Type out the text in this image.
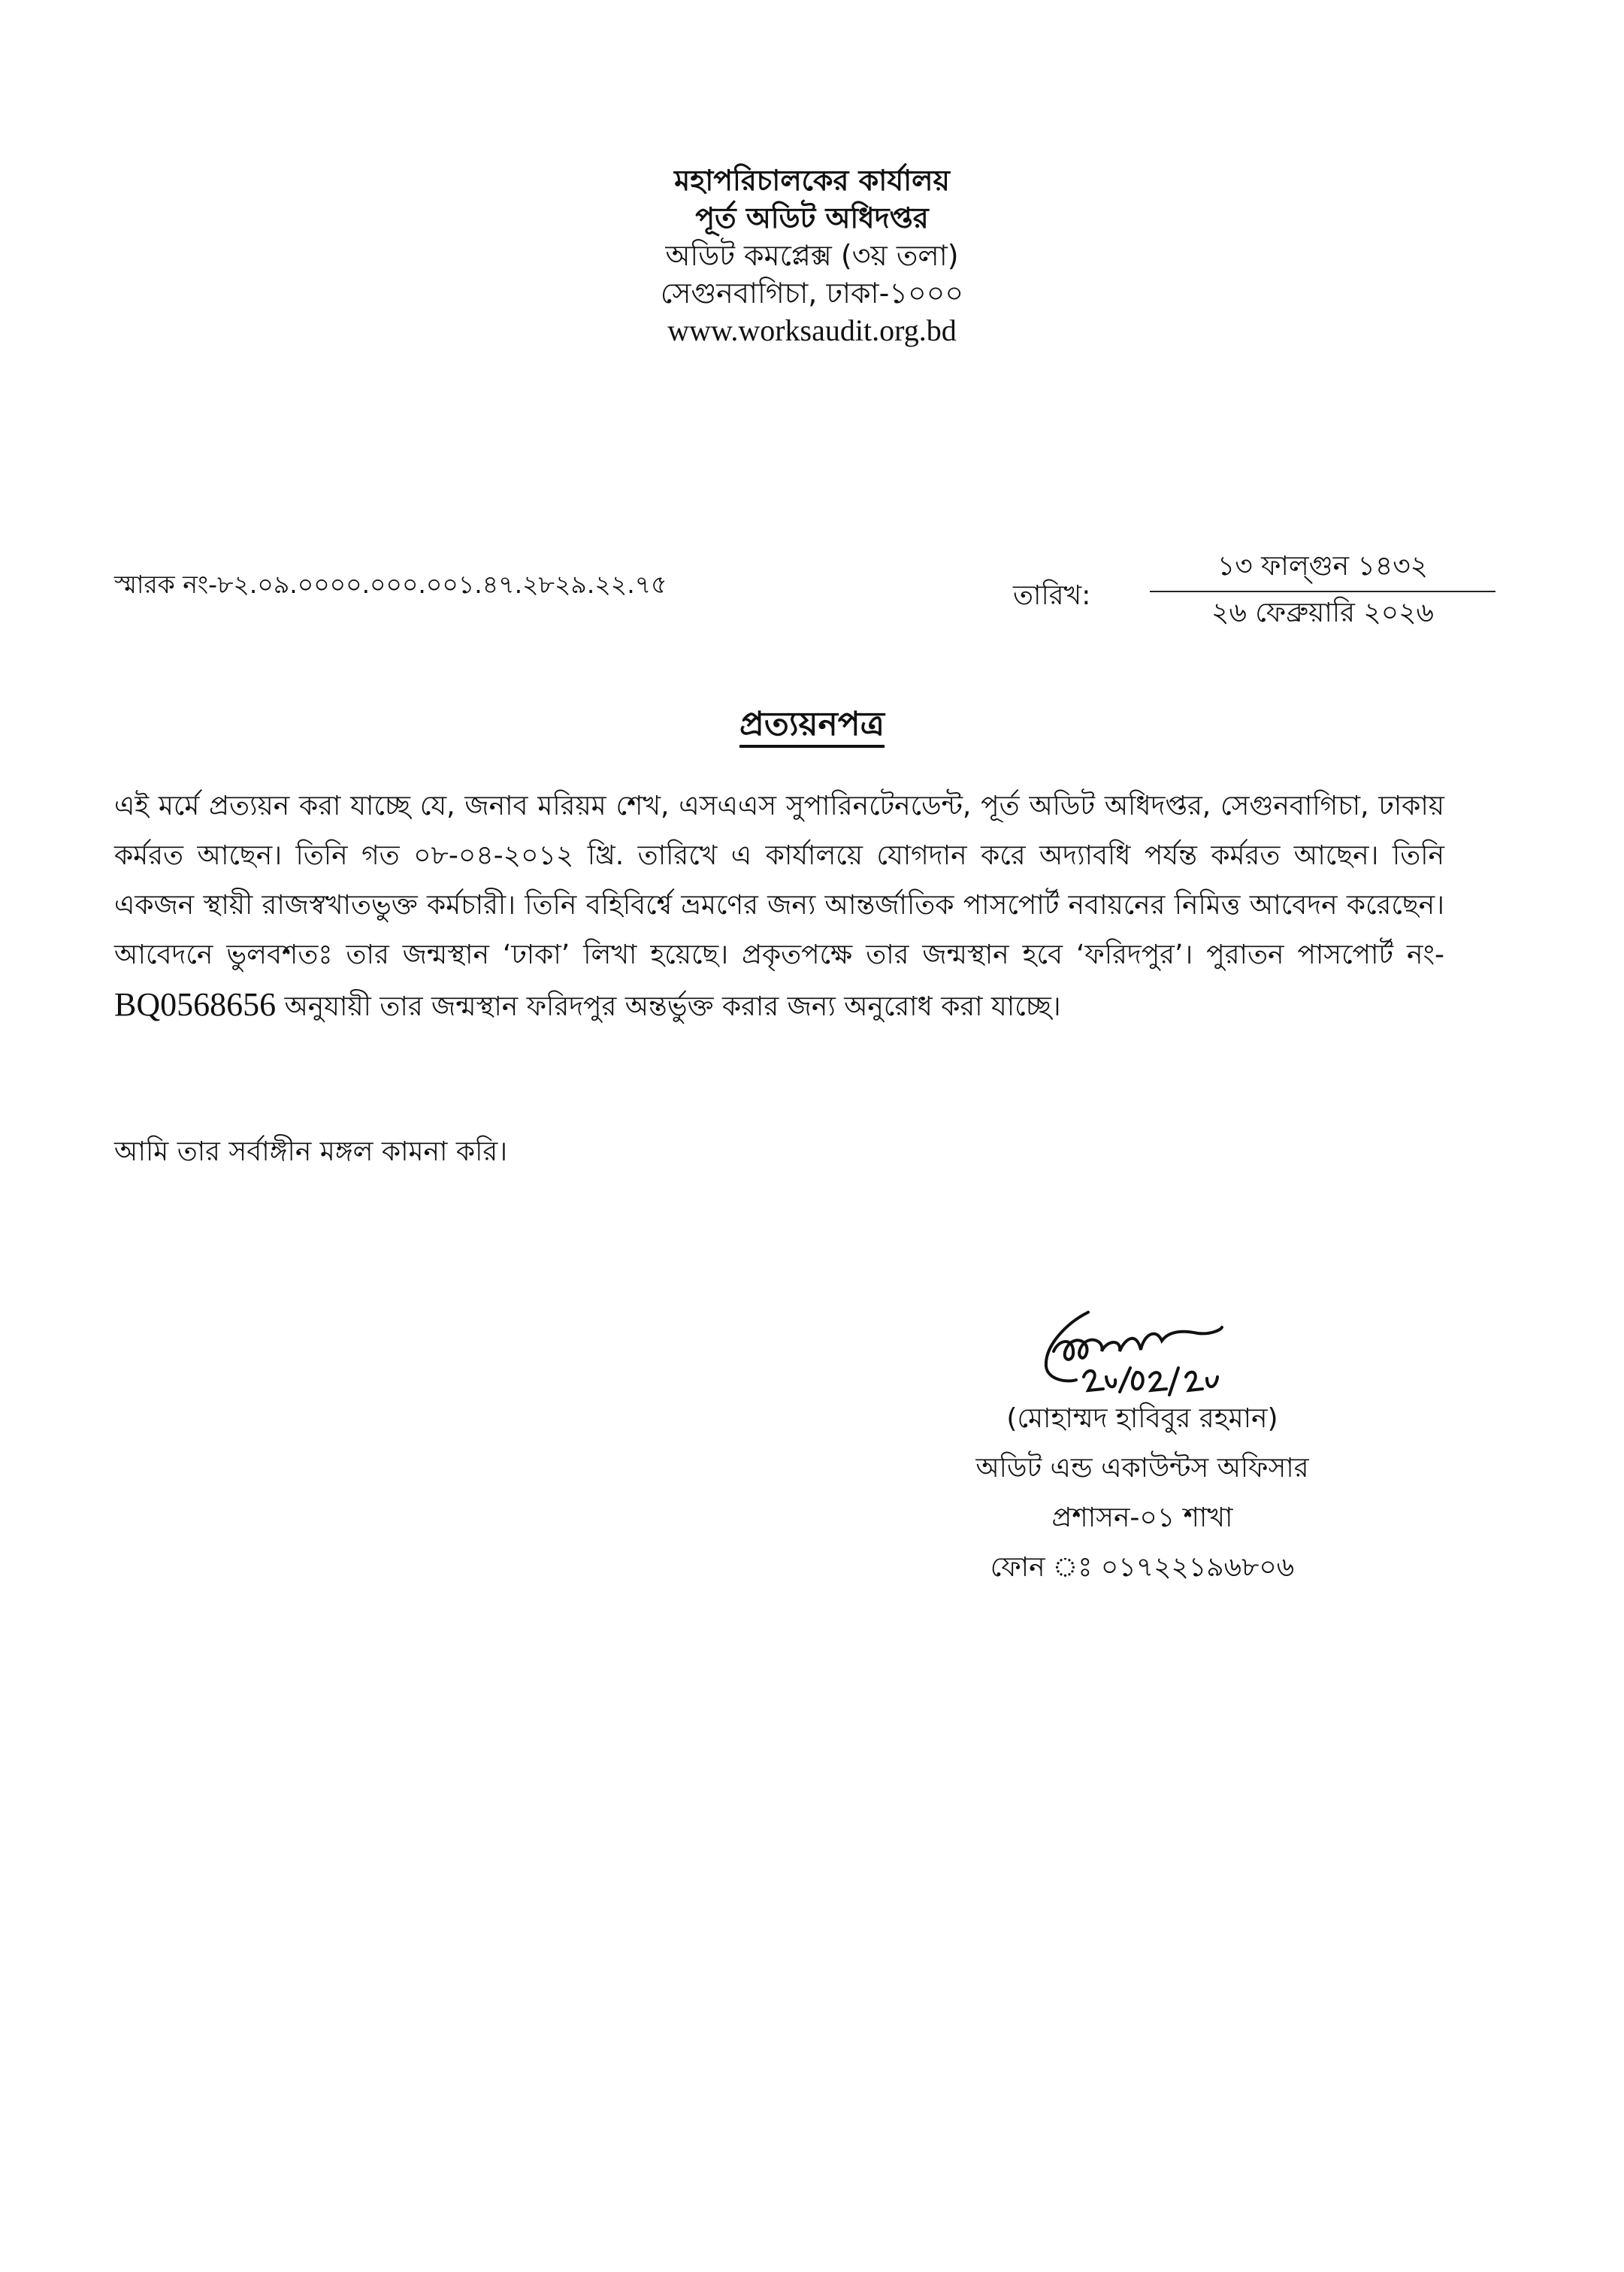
মহাপরিচালকের কার্যালয়
পূর্ত অডিট অধিদপ্তর
অডিট কমপ্লেক্স (৩য় তলা)
সেগুনবাগিচা, ঢাকা-১০০০
www.worksaudit.org.bd
স্মারক নং-৮২.০৯.০০০০.০০০.০০১.৪৭.২৮২৯.২২.৭৫	তারিখ:
১৩ ফাল্গুন ১৪৩২
২৬ ফেব্রুয়ারি ২০২৬
প্রত্যয়নপত্র
এই মর্মে প্রত্যয়ন করা যাচ্ছে যে, জনাব মরিয়ম শেখ, এসএএস সুপারিনটেনডেন্ট, পূর্ত অডিট অধিদপ্তর, সেগুনবাগিচা, ঢাকায় কর্মরত আছেন। তিনি গত ০৮-০৪-২০১২ খ্রি. তারিখে এ কার্যালয়ে যোগদান করে অদ্যাবধি পর্যন্ত কর্মরত আছেন। তিনি একজন স্থায়ী রাজস্বখাতভুক্ত কর্মচারী। তিনি বহিবির্শ্বে ভ্রমণের জন্য আন্তর্জাতিক পাসপোর্ট নবায়নের নিমিত্ত আবেদন করেছেন। আবেদনে ভুলবশতঃ তার জন্মস্থান ‘ঢাকা’ লিখা হয়েছে। প্রকৃতপক্ষে তার জন্মস্থান হবে ‘ফরিদপুর’। পুরাতন পাসপোর্ট নং-BQ0568656 অনুযায়ী তার জন্মস্থান ফরিদপুর অন্তর্ভুক্ত করার জন্য অনুরোধ করা যাচ্ছে।
আমি তার সর্বাঙ্গীন মঙ্গল কামনা করি।
(মোহাম্মদ হাবিবুর রহমান)
অডিট এন্ড একাউন্টস অফিসার
প্রশাসন-০১ শাখা
ফোন ঃ ০১৭২২১৯৬৮০৬
